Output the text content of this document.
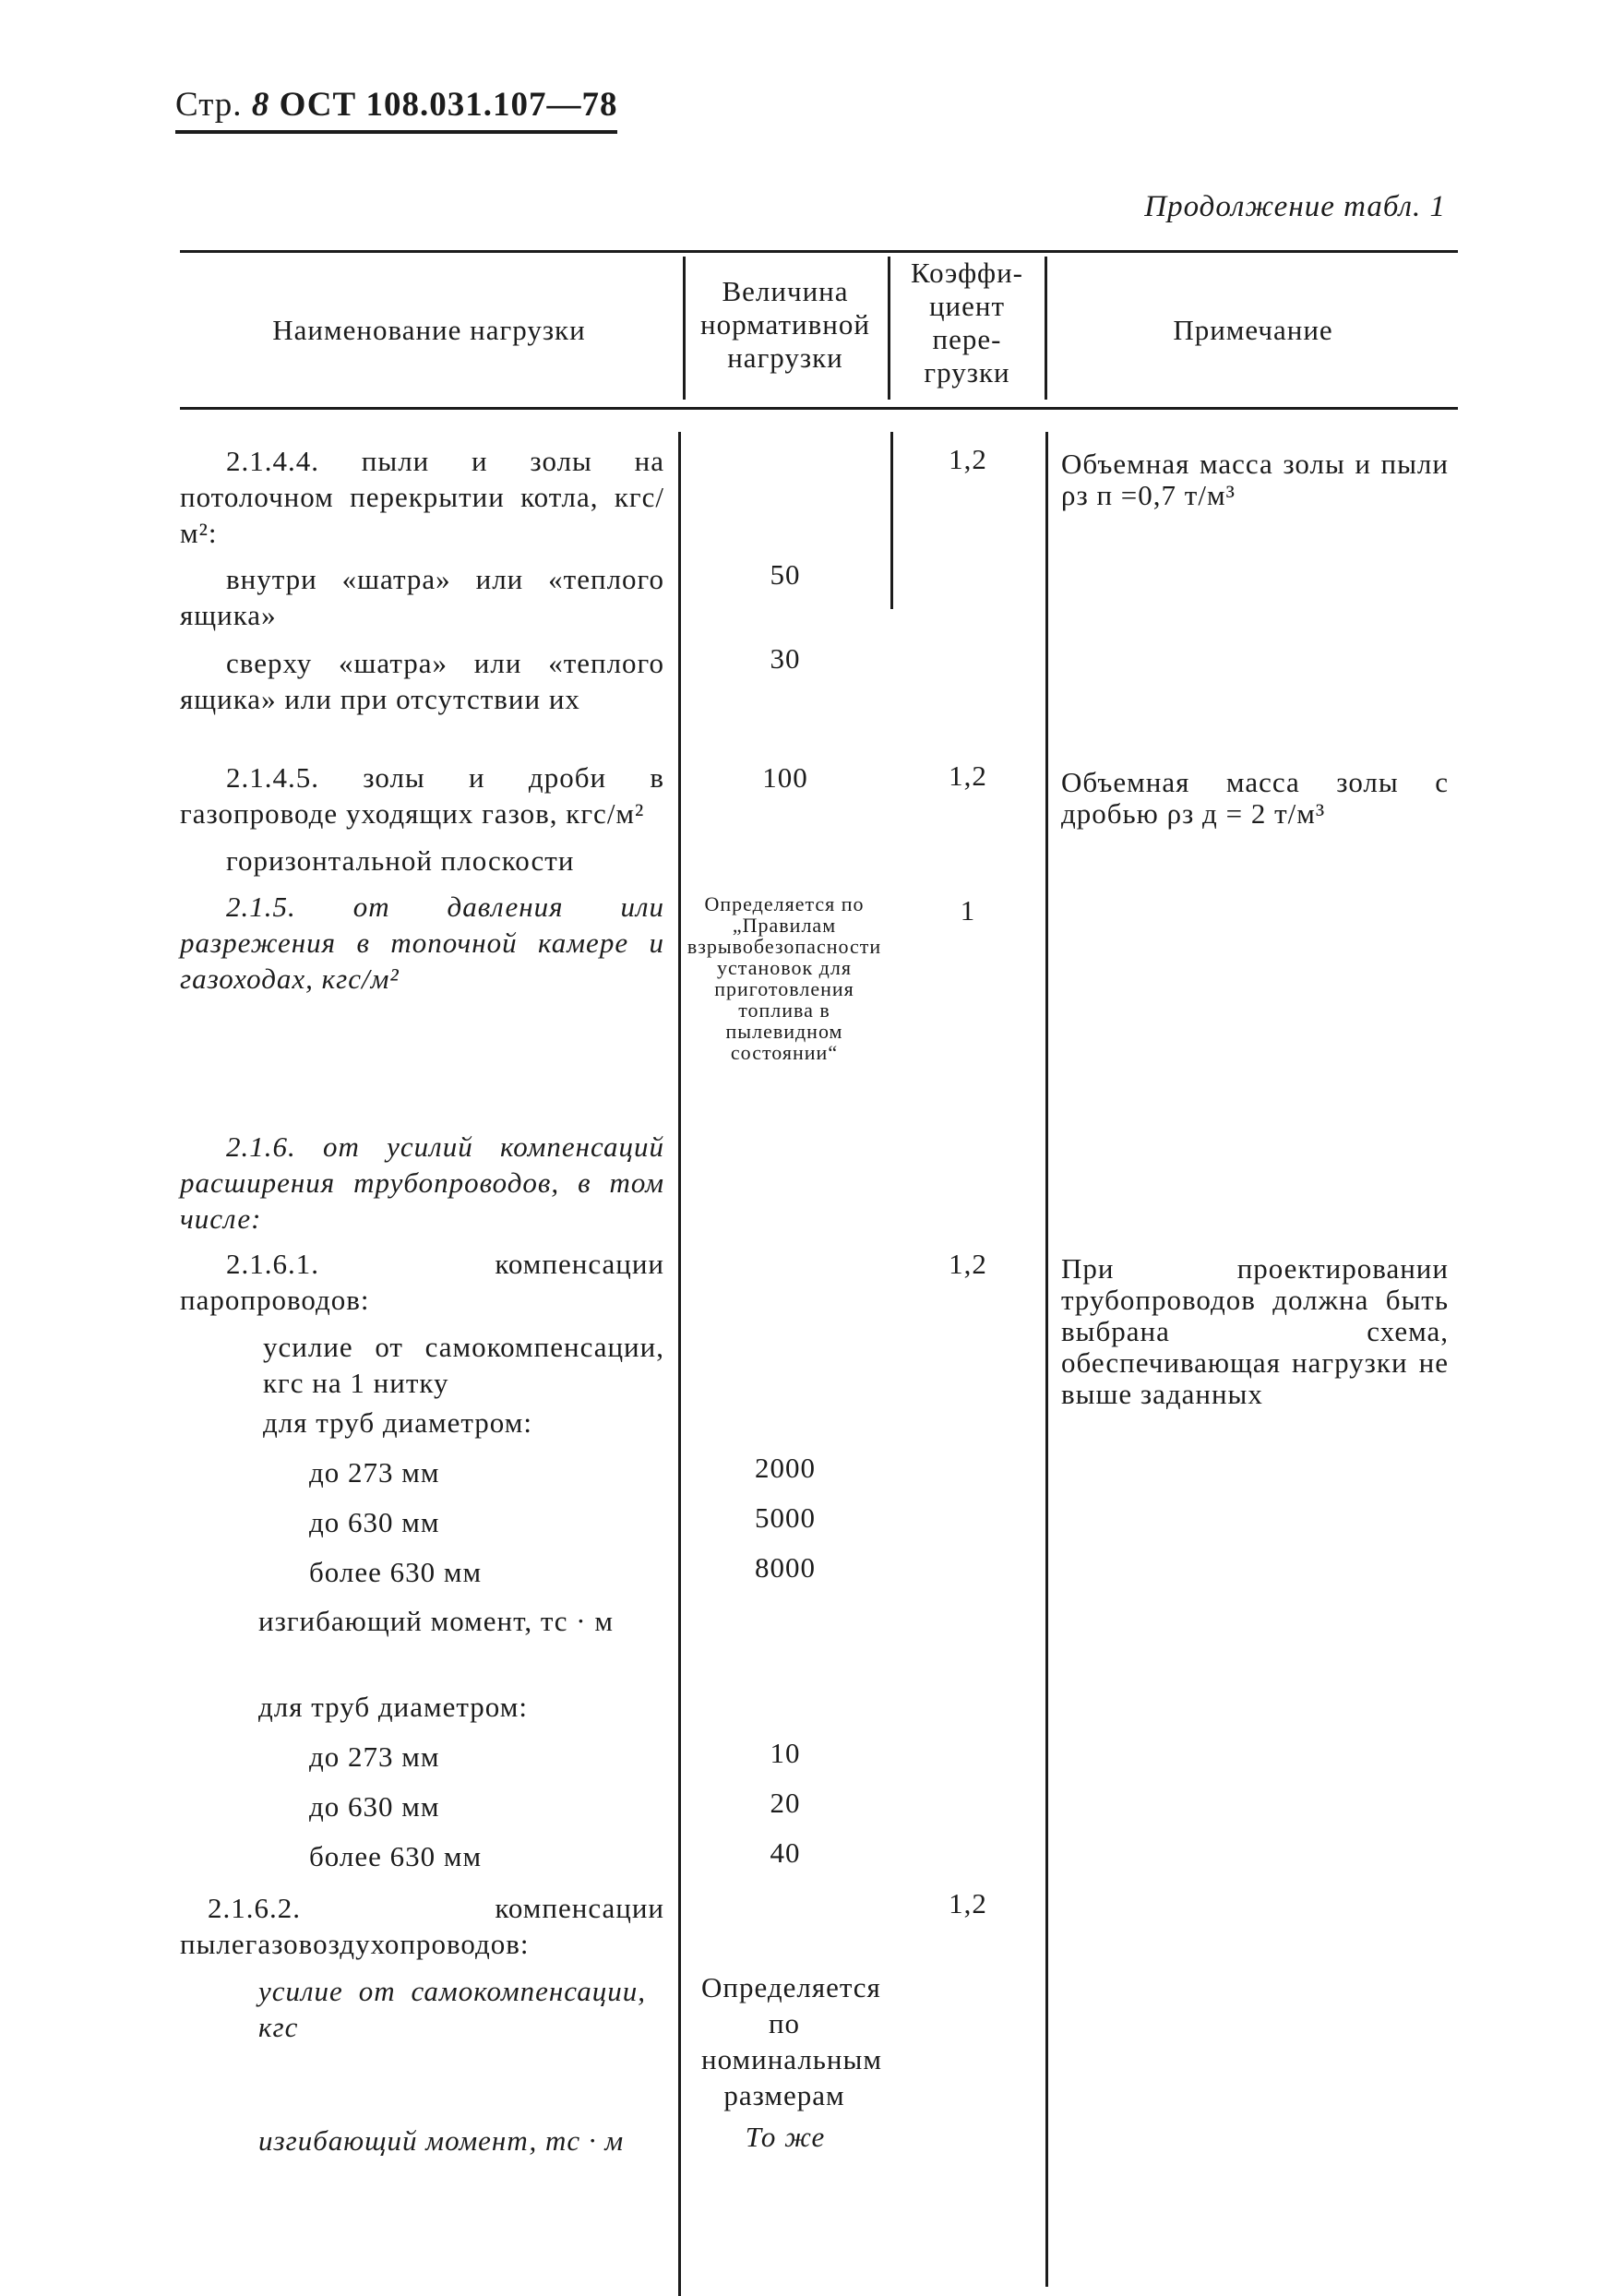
Стр. 8 ОСТ 108.031.107—78
Продолжение табл. 1
Наименование нагрузки
Величина нормативной нагрузки
Коэффи-циент пере-грузки
Примечание
2.1.4.4. пыли и золы на потолочном перекрытии котла, кгс/м²:
внутри «шатра» или «теплого ящика»
сверху «шатра» или «теплого ящика» или при отсутствии их
2.1.4.5. золы и дроби в газопроводе уходящих газов, кгс/м²
горизонтальной плоскости
2.1.5. от давления или разрежения в топочной камере и газоходах, кгс/м²
2.1.6. от усилий компенсаций расширения трубопроводов, в том числе:
2.1.6.1. компенсации паропроводов:
усилие от самокомпенсации, кгс на 1 нитку
для труб диаметром:
до 273 мм
до 630 мм
более 630 мм
изгибающий момент, тс · м
для труб диаметром:
до 273 мм
до 630 мм
более 630 мм
2.1.6.2. компенсации пылегазовоздухопроводов:
усилие от самокомпенсации, кгс
изгибающий момент, тс · м
50
30
100
Определяется по „Правилам взрывобезопасности установок для приготовления топлива в пылевидном состоянии“
2000
5000
8000
10
20
40
Определяется по номинальным размерам
То же
1,2
1,2
1
1,2
1,2
Объемная масса золы и пыли ρз п =0,7 т/м³
Объемная масса золы с дробью ρз д = 2 т/м³
При проектировании трубопроводов должна быть выбрана схема, обеспечивающая нагрузки не выше заданных
